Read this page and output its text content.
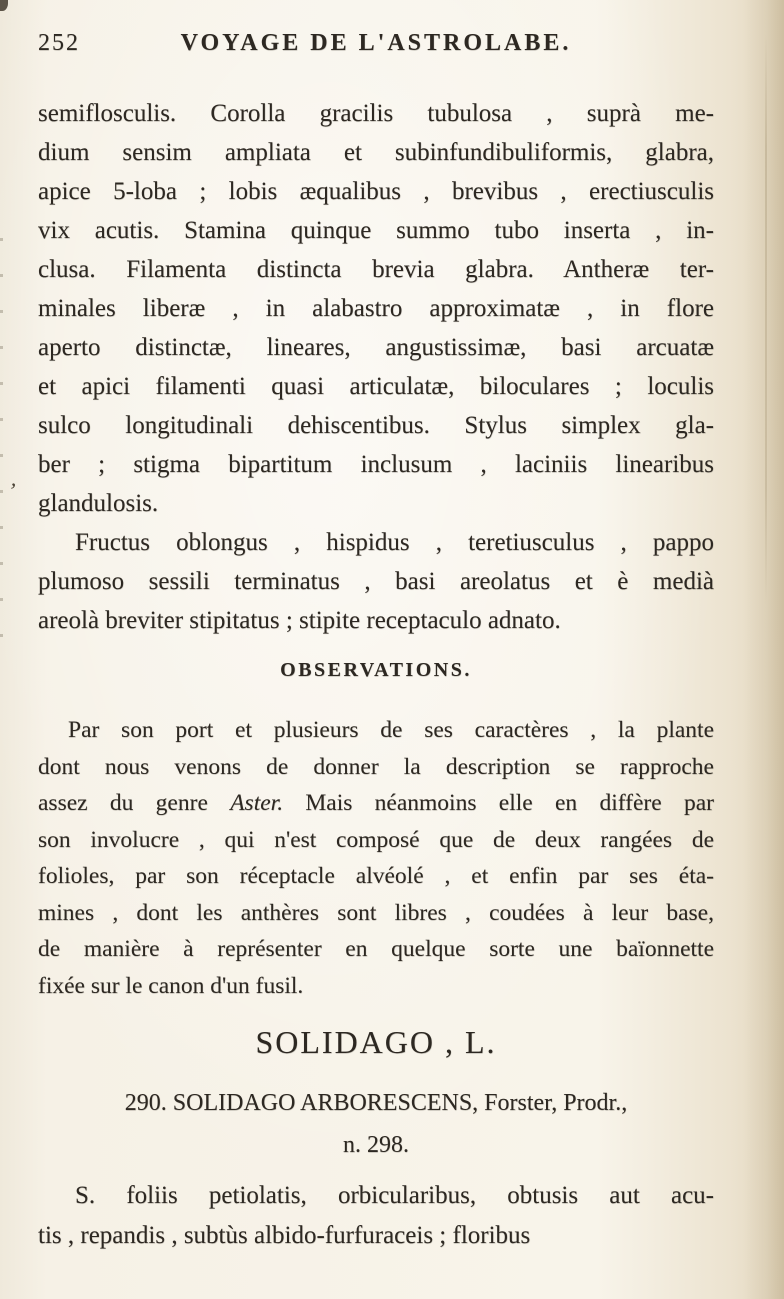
’
252	VOYAGE DE L'ASTROLABE.
semiflosculis. Corolla gracilis tubulosa , suprà me-
dium sensim ampliata et subinfundibuliformis, glabra,
apice 5-loba ; lobis æqualibus , brevibus , erectiusculis
vix acutis. Stamina quinque summo tubo inserta , in-
clusa. Filamenta distincta brevia glabra. Antheræ ter-
minales liberæ , in alabastro approximatæ , in flore
aperto distinctæ, lineares, angustissimæ, basi arcuatæ
et apici filamenti quasi articulatæ, biloculares ; loculis
sulco longitudinali dehiscentibus. Stylus simplex gla-
ber ; stigma bipartitum inclusum , laciniis linearibus
glandulosis.
Fructus oblongus , hispidus , teretiusculus , pappo
plumoso sessili terminatus , basi areolatus et è medià
areolà breviter stipitatus ; stipite receptaculo adnato.
OBSERVATIONS.
Par son port et plusieurs de ses caractères , la plante
dont nous venons de donner la description se rapproche
assez du genre Aster. Mais néanmoins elle en diffère par
son involucre , qui n'est composé que de deux rangées de
folioles, par son réceptacle alvéolé , et enfin par ses éta-
mines , dont les anthères sont libres , coudées à leur base,
de manière à représenter en quelque sorte une baïonnette
fixée sur le canon d'un fusil.
SOLIDAGO , L.
290. SOLIDAGO ARBORESCENS, Forster, Prodr.,
n. 298.
S. foliis petiolatis, orbicularibus, obtusis aut acu-
tis , repandis , subtùs albido-furfuraceis ; floribus
